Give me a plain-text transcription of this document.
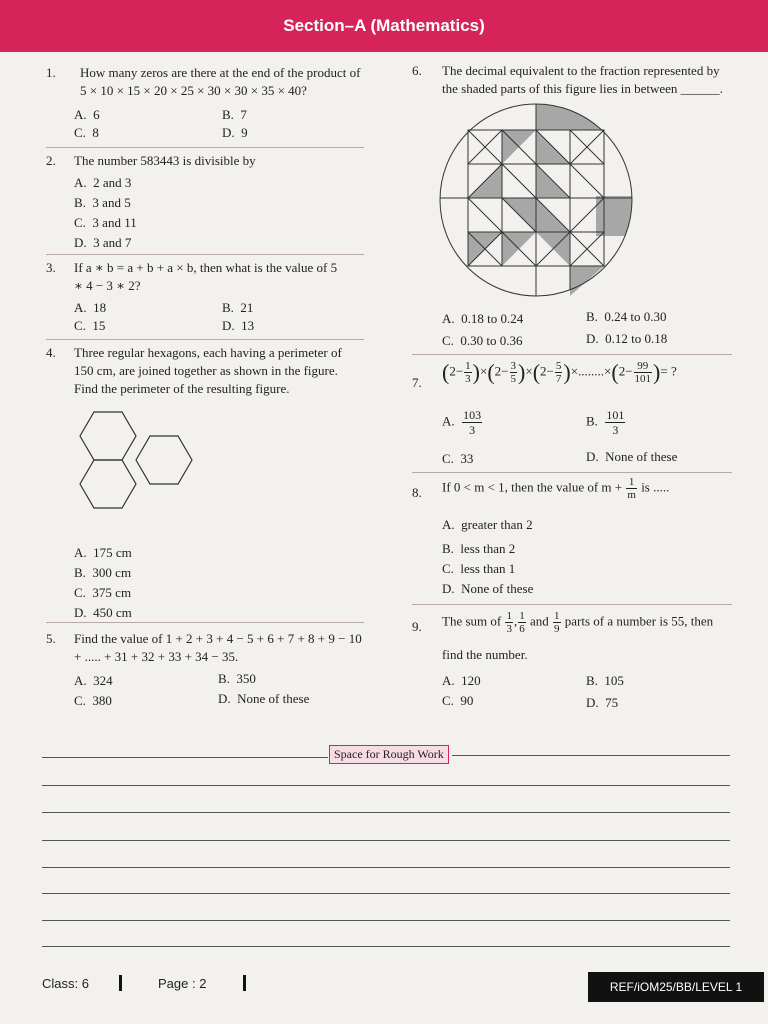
Section–A (Mathematics)
1.	How many zeros are there at the end of the product of 5 × 10 × 15 × 20 × 25 × 30 × 30 × 35 × 40?
A. 6	B. 7
C. 8	D. 9
2.	The number 583443 is divisible by
A. 2 and 3
B. 3 and 5
C. 3 and 11
D. 3 and 7
3.	If a ∗ b = a + b + a × b, then what is the value of 5 ∗ 4 − 3 ∗ 2?
A. 18	B. 21
C. 15	D. 13
4.	Three regular hexagons, each having a perimeter of 150 cm, are joined together as shown in the figure. Find the perimeter of the resulting figure.
A. 175 cm
B. 300 cm
C. 375 cm
D. 450 cm
5.	Find the value of 1 + 2 + 3 + 4 − 5 + 6 + 7 + 8 + 9 − 10 + ..... + 31 + 32 + 33 + 34 − 35.
A. 324	B. 350
C. 380	D. None of these
6.	The decimal equivalent to the fraction represented by the shaded parts of this figure lies in between ______.
A. 0.18 to 0.24	B. 0.24 to 0.30
C. 0.30 to 0.36	D. 0.12 to 0.18
7. $(2- \frac{1}{3} )\times(2- \frac{3}{5} )\times(2- \frac{5}{7} )\times........\times(2- \frac{99}{101}$ )= ?
A. $\frac{103}{3}$	B. $\frac{101}{3}$
C. 33	D. None of these
8.	If 0 < m < 1, then the value of $m + \frac{1}{m}$ is .....
A. greater than 2
B. less than 2
C. less than 1
D. None of these
9.	The sum of $\frac{1}{3}$ , $\frac{1}{6}$ and $\frac{1}{9}$ parts of a number is 55, then
find the number.
A. 120	B. 105
C. 90	D. 75
Space for Rough Work
Class: 6	Page : 2	REF/iOM25/BB/LEVEL 1
